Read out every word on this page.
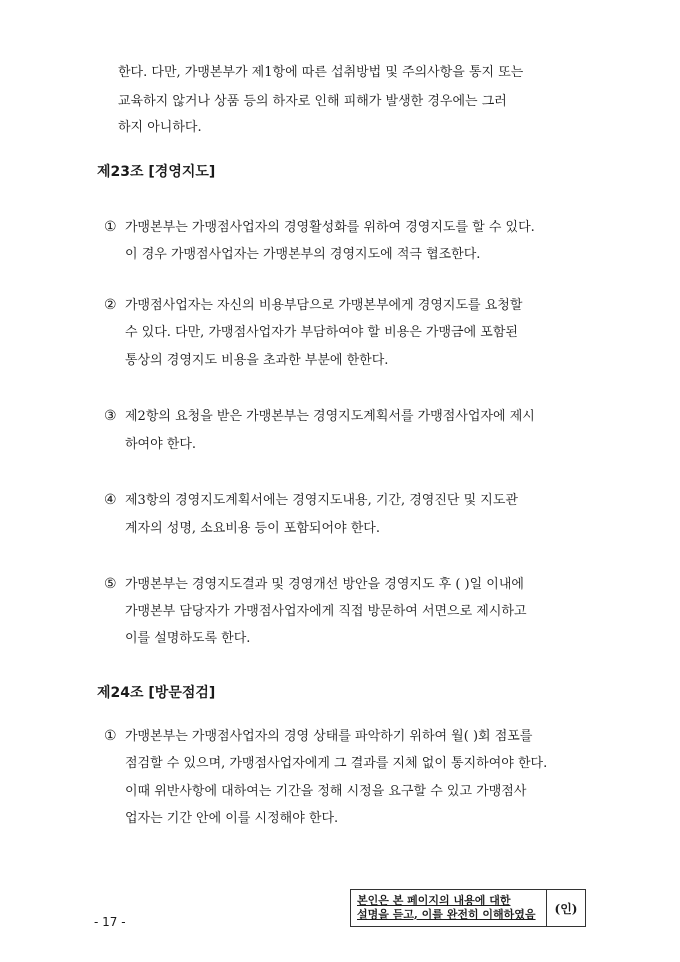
한다. 다만, 가맹본부가 제1항에 따른 섭취방법 및 주의사항을 통지 또는
교육하지 않거나 상품 등의 하자로 인해 피해가 발생한 경우에는 그러
하지 아니하다.
제23조 [경영지도]
① 가맹본부는 가맹점사업자의 경영활성화를 위하여 경영지도를 할 수 있다.
이 경우 가맹점사업자는 가맹본부의 경영지도에 적극 협조한다.
② 가맹점사업자는 자신의 비용부담으로 가맹본부에게 경영지도를 요청할
수 있다. 다만, 가맹점사업자가 부담하여야 할 비용은 가맹금에 포함된
통상의 경영지도 비용을 초과한 부분에 한한다.
③ 제2항의 요청을 받은 가맹본부는 경영지도계획서를 가맹점사업자에 제시
하여야 한다.
④ 제3항의 경영지도계획서에는 경영지도내용, 기간, 경영진단 및 지도관
계자의 성명, 소요비용 등이 포함되어야 한다.
⑤ 가맹본부는 경영지도결과 및 경영개선 방안을 경영지도 후 ( )일 이내에
가맹본부 담당자가 가맹점사업자에게 직접 방문하여 서면으로 제시하고
이를 설명하도록 한다.
제24조 [방문점검]
① 가맹본부는 가맹점사업자의 경영 상태를 파악하기 위하여 월( )회 점포를
점검할 수 있으며, 가맹점사업자에게 그 결과를 지체 없이 통지하여야 한다.
이때 위반사항에 대하여는 기간을 정해 시정을 요구할 수 있고 가맹점사
업자는 기간 안에 이를 시정해야 한다.
- 17 -
본인은 본 페이지의 내용에 대한
설명을 듣고, 이를 완전히 이해하였음	(인)
